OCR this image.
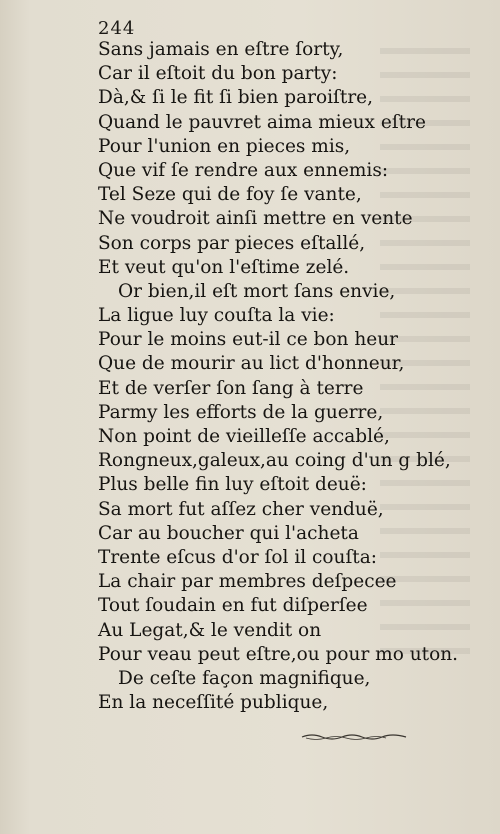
244
Sans jamais en eſtre ſorty,
Car il eſtoit du bon party:
Dà,& ſi le fit ſi bien paroiſtre,
Quand le pauvret aima mieux eſtre
Pour l'union en pieces mis,
Que vif ſe rendre aux ennemis:
Tel Seze qui de foy ſe vante,
Ne voudroit ainſi mettre en vente
Son corps par pieces eſtallé,
Et veut qu'on l'eſtime zelé.
Or bien,il eſt mort ſans envie,
La ligue luy couſta la vie:
Pour le moins eut-il ce bon heur
Que de mourir au lict d'honneur,
Et de verſer ſon ſang à terre
Parmy les efforts de la guerre,
Non point de vieilleſſe accablé,
Rongneux,galeux,au coing d'un g blé,
Plus belle fin luy eſtoit deuë:
Sa mort fut aſſez cher venduë,
Car au boucher qui l'acheta
Trente eſcus d'or ſol il couſta:
La chair par membres deſpecee
Tout ſoudain en fut diſperſee
Au Legat,& le vendit on
Pour veau peut eſtre,ou pour mo uton.
De ceſte façon magnifique,
En la neceſſité publique,
